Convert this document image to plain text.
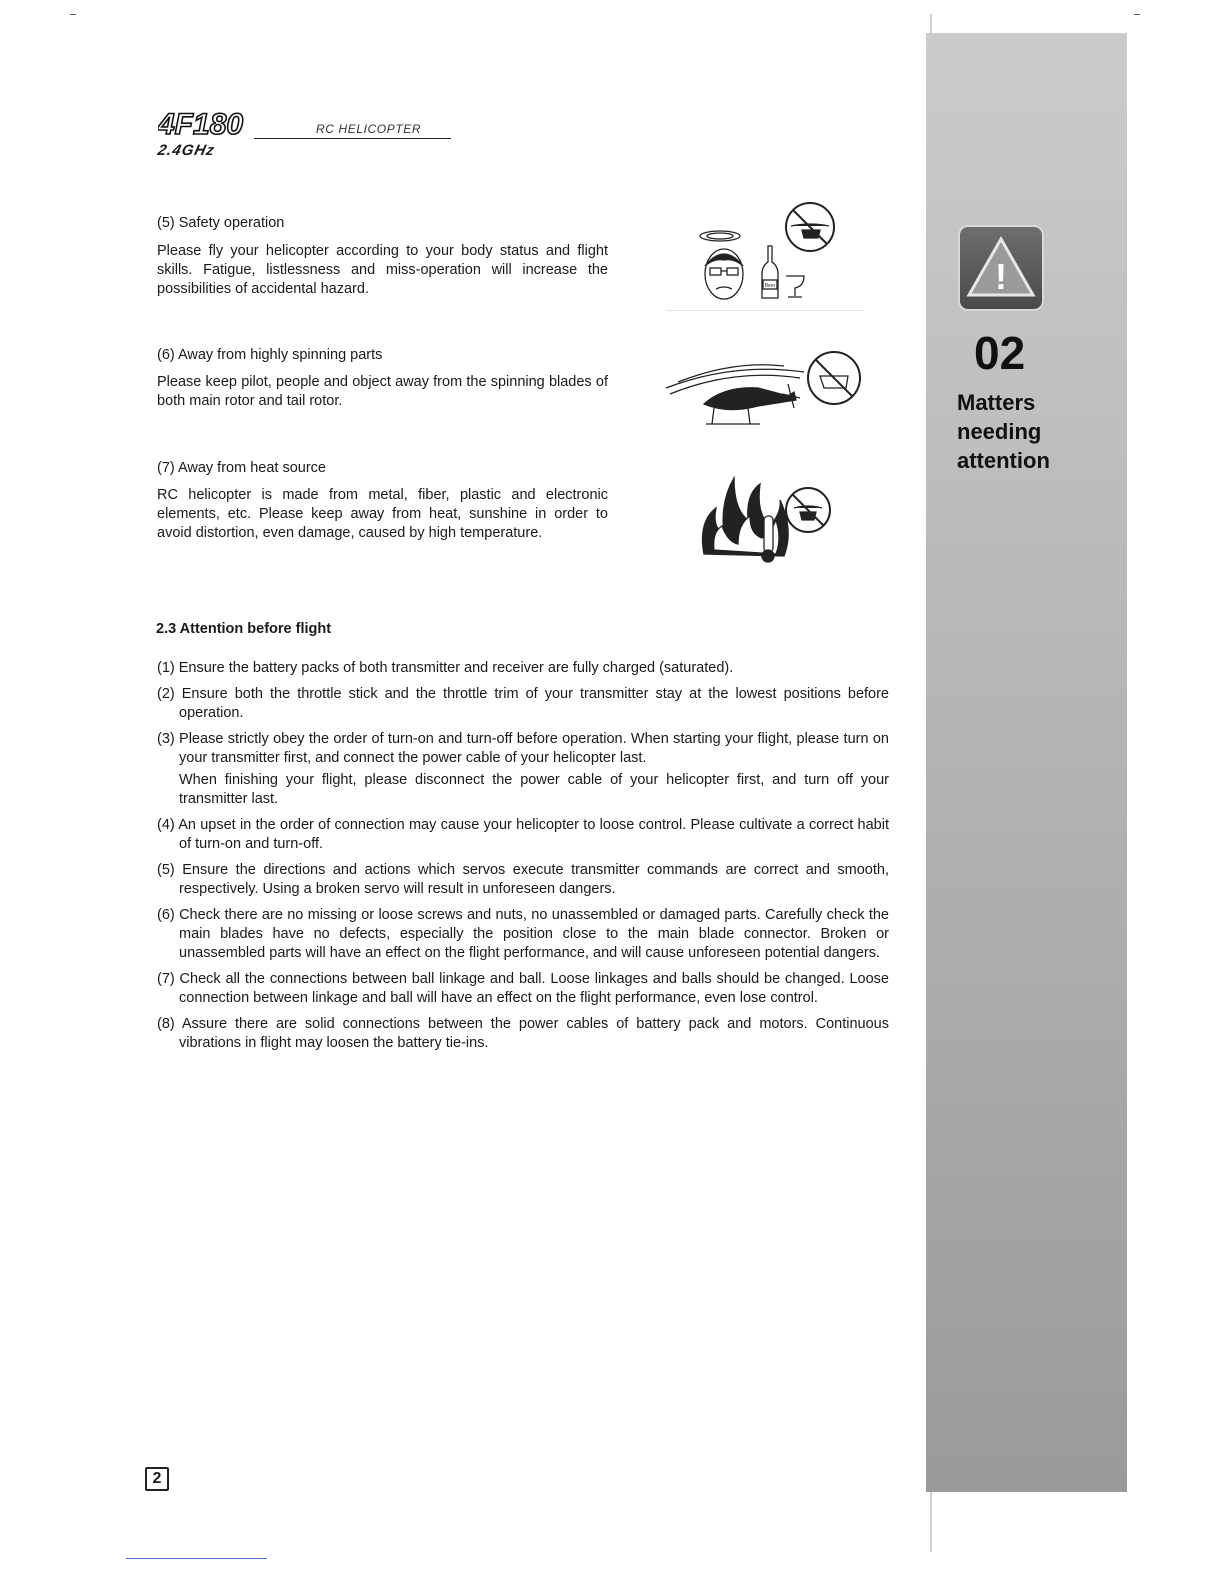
4F180
2.4GHz
RC HELICOPTER
!
02
Matters
needing
attention
(5) Safety operation
Please fly your helicopter according to your body status and flight skills. Fatigue, listlessness and miss-operation will increase the possibilities of accidental hazard.	Beer
(6) Away from highly spinning parts
Please keep pilot, people and object away from the spinning blades of both main rotor and tail rotor.
(7) Away from heat source
RC helicopter is made from metal, fiber, plastic and electronic elements, etc. Please keep away from heat, sunshine in order to avoid distortion, even damage, caused by high temperature.
2.3 Attention before flight
(1) Ensure the battery packs of both transmitter and receiver are fully charged (saturated).
(2) Ensure both the throttle stick and the throttle trim of your transmitter stay at the lowest positions before operation.
(3) Please strictly obey the order of turn-on and turn-off before operation. When starting your flight, please turn on your transmitter first, and connect the power cable of your helicopter last.
When finishing your flight, please disconnect the power cable of your helicopter first, and turn off your transmitter last.
(4) An upset in the order of connection may cause your helicopter to loose control. Please cultivate a correct habit of turn-on and turn-off.
(5) Ensure the directions and actions which servos execute transmitter commands are correct and smooth, respectively. Using a broken servo will result in unforeseen dangers.
(6) Check there are no missing or loose screws and nuts, no unassembled or damaged parts. Carefully check the main blades have no defects, especially the position close to the main blade connector. Broken or unassembled parts will have an effect on the flight performance, and will cause unforeseen potential dangers.
(7) Check all the connections between ball linkage and ball. Loose linkages and balls should be changed. Loose connection between linkage and ball will have an effect on the flight performance, even lose control.
(8) Assure there are solid connections between the power cables of battery pack and motors. Continuous vibrations in flight may loosen the battery tie-ins.
2
